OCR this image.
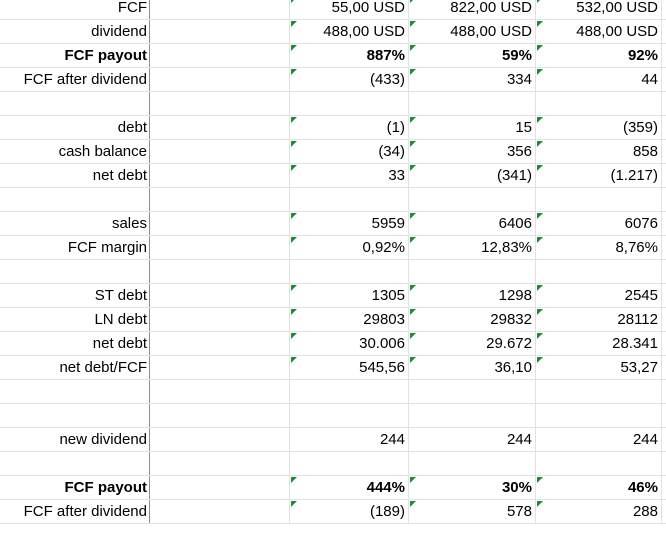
FCF	55,00 USD	822,00 USD	532,00 USD
dividend	488,00 USD	488,00 USD	488,00 USD
FCF payout	887%	59%	92%
FCF after dividend	(433)	334	44
debt	(1)	15	(359)
cash balance	(34)	356	858
net debt	33	(341)	(1.217)
sales	5959	6406	6076
FCF margin	0,92%	12,83%	8,76%
ST debt	1305	1298	2545
LN debt	29803	29832	28112
net debt	30.006	29.672	28.341
net debt/FCF	545,56	36,10	53,27
new dividend	244	244	244
FCF payout	444%	30%	46%
FCF after dividend	(189)	578	288
